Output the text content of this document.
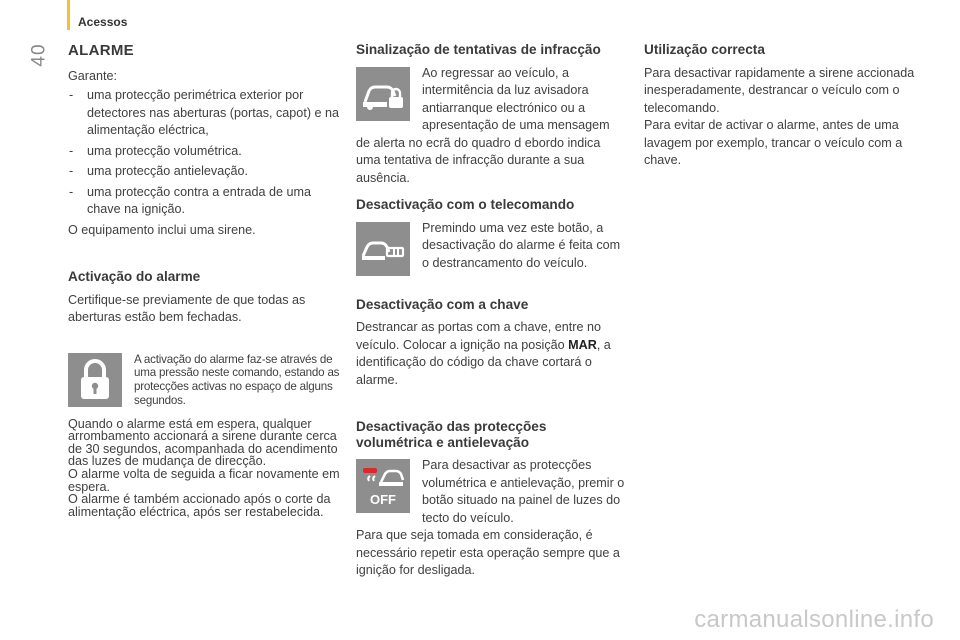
Acessos
40 ALARME

Garante:

- uma protecção perimétrica exterior por detectores nas aberturas (portas, capot) e na alimentação eléctrica,
- uma protecção volumétrica.
- uma protecção antielevação.
- uma protecção contra a entrada de uma chave na ignição.

O equipamento inclui uma sirene.

Activação do alarme

Certifique-se previamente de que todas as aberturas estão bem fechadas.

A activação do alarme faz-se através de uma pressão neste comando, estando as protecções activas no espaço de alguns segundos.

Quando o alarme está em espera, qualquer arrombamento accionará a sirene durante cerca de 30 segundos, acompanhada do acendimento das luzes de mudança de direcção.

O alarme volta de seguida a ficar novamente em espera.

O alarme é também accionado após o corte da alimentação eléctrica, após ser restabelecida.

Sinalização de tentativas de infracção

Ao regressar ao veículo, a intermitência da luz avisadora antiarranque electrónico ou a apresentação de uma mensagem de alerta no ecrã do quadro d ebordo indica uma tentativa de infracção durante a sua ausência.

Desactivação com o telecomando

Premindo uma vez este botão, a desactivação do alarme é feita com o destrancamento do veículo.

Desactivação com a chave

Destrancar as portas com a chave, entre no veículo. Colocar a ignição na posição MAR, a identificação do código da chave cortará o alarme.

Desactivação das protecções volumétrica e antielevação
OFF

Para desactivar as protecções volumétrica e antielevação, premir o botão situado na painel de luzes do tecto do veículo.

Para que seja tomada em consideração, é necessário repetir esta operação sempre que a ignição for desligada.

Utilização correcta

Para desactivar rapidamente a sirene accionada inesperadamente, destrancar o veículo com o telecomando.

Para evitar de activar o alarme, antes de uma lavagem por exemplo, trancar o veículo com a chave.

carmanualsonline.info
